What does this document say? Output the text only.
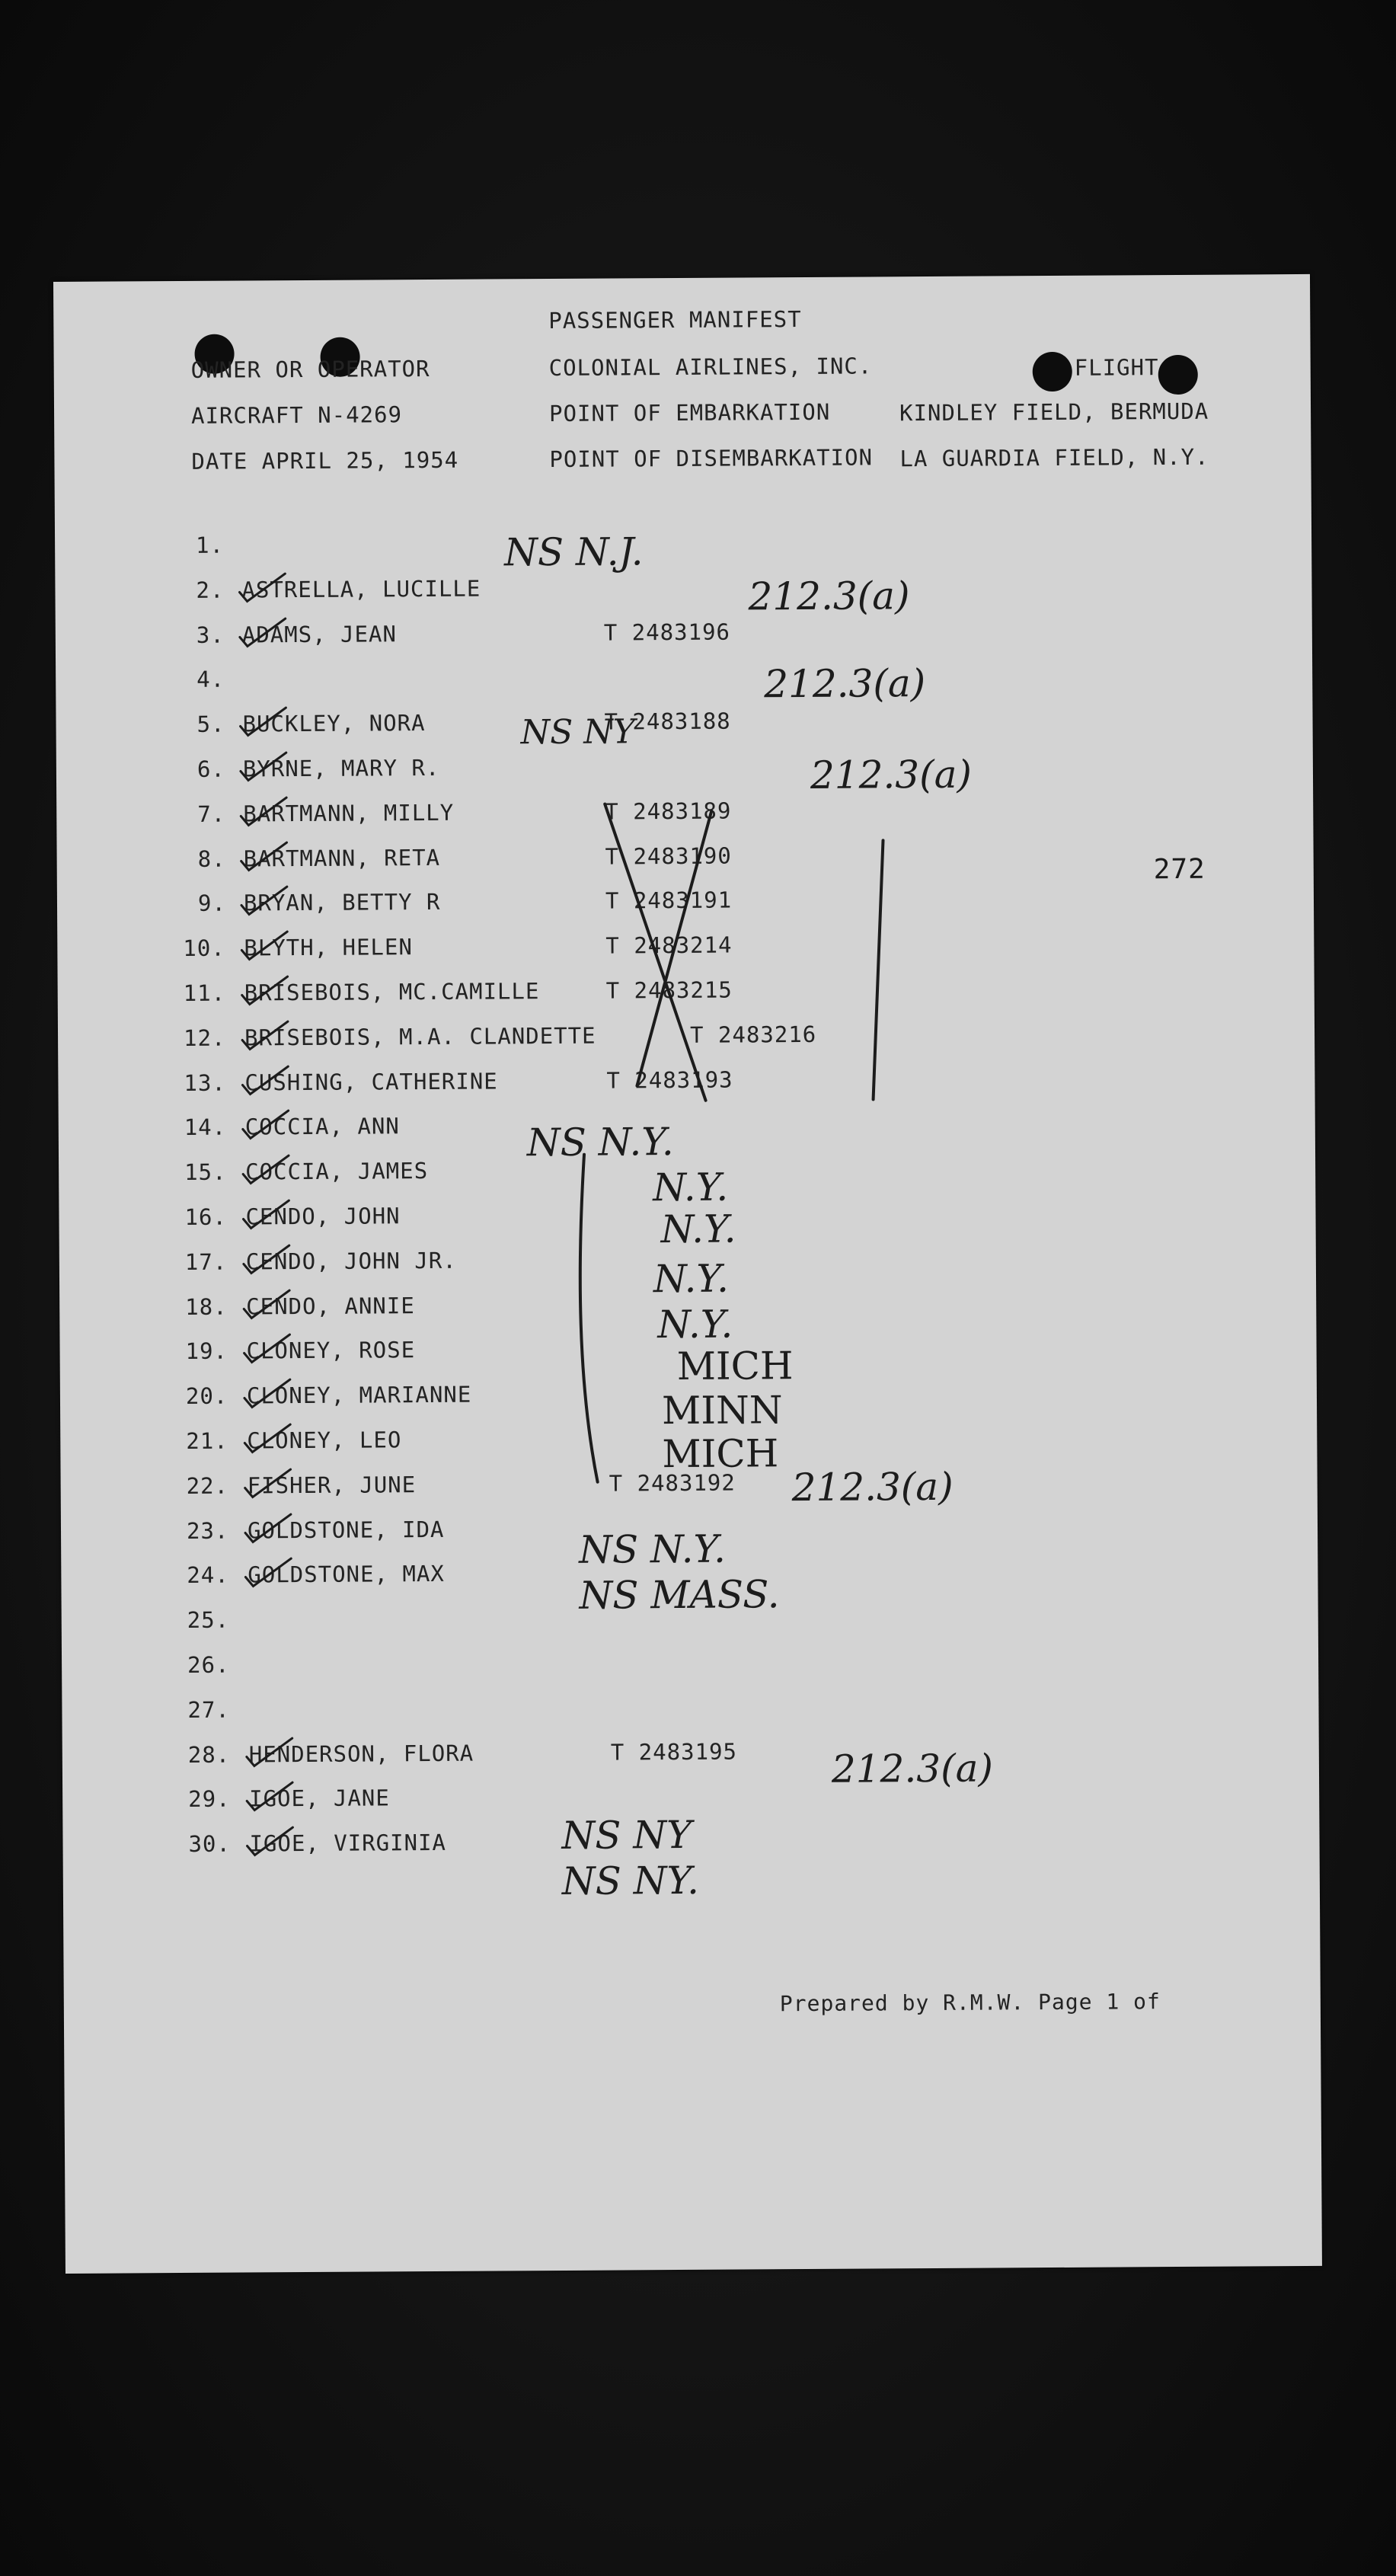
PASSENGER MANIFEST
OWNER OR OPERATOR	COLONIAL AIRLINES, INC.	FLIGHT
AIRCRAFT N-4269	POINT OF EMBARKATION	KINDLEY FIELD, BERMUDA
DATE APRIL 25, 1954	POINT OF DISEMBARKATION LA GUARDIA FIELD, N.Y.
272
1.
2. ASTRELLA, LUCILLE
3. ADAMS, JEAN	T 2483196
4.
5. BUCKLEY, NORA	T 2483188
6. BYRNE, MARY R.
7. BARTMANN, MILLY	T 2483189
8. BARTMANN, RETA	T 2483190
9. BRYAN, BETTY R	T 2483191
10. BLYTH, HELEN	T 2483214
11. BRISEBOIS, MC.CAMILLE	T 2483215
12. BRISEBOIS, M.A. CLANDETTE	T 2483216
13. CUSHING, CATHERINE	T 2483193
14. COCCIA, ANN
15. COCCIA, JAMES
16. CENDO, JOHN
17. CENDO, JOHN JR.
18. CENDO, ANNIE
19. CLONEY, ROSE
20. CLONEY, MARIANNE
21. CLONEY, LEO
22. FISHER, JUNE	T 2483192
23. GOLDSTONE, IDA
24. GOLDSTONE, MAX
25.
26.
27.
28. HENDERSON, FLORA	T 2483195
29. IGOE, JANE
30. IGOE, VIRGINIA
NS N.J.
212.3(a)
212.3(a)
NS NY
212.3(a)
NS N.Y.
N.Y.
N.Y.
N.Y.
N.Y.
MICH
MINN
MICH
212.3(a)
NS N.Y.
NS MASS.
212.3(a)
NS NY
NS NY.
Prepared by R.M.W. Page 1 of
